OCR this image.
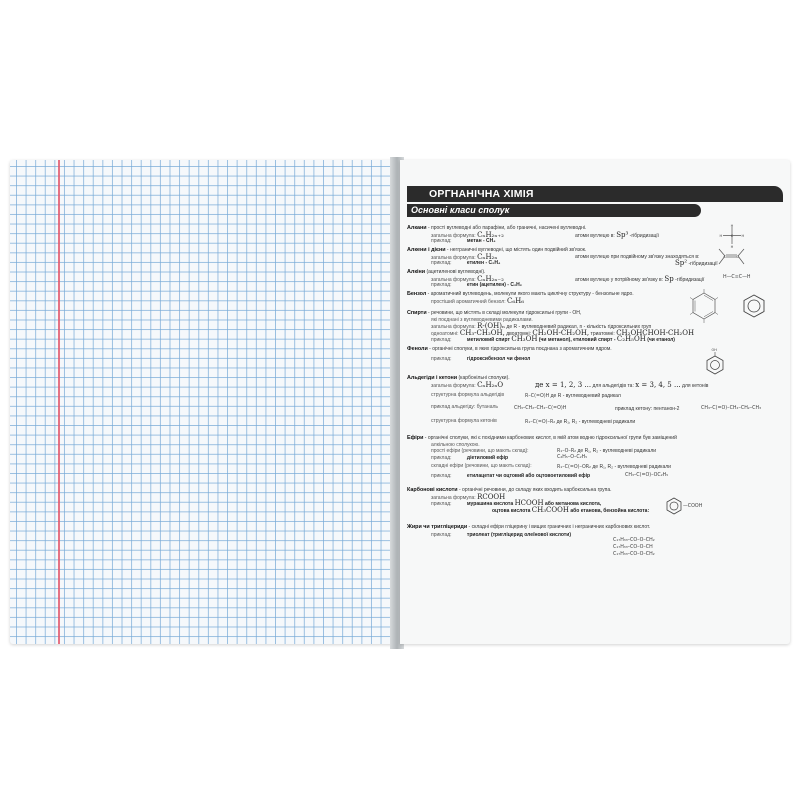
ОРГНАНІЧНА ХІМІЯ
Основні класи сполук
Алкани - прості вуглеводні або парафіни, або граничні, насичені вуглеводні.
загальна формула: CₙH₂ₙ₊₂	атоми вуглецю в: Sp³ -гібридизації
приклад:	метан - CH₄
H
H
H	H
C
Алкени і дієни - негграничні вуглеводні, що містять один подвійний зв'язок.
загальна формула: CₙH₂ₙ	атоми вуглецю при подвійному зв'язку знаходяться в:
приклад:	етилен - C₂H₄	Sp² -гібридизації
C	C
Алкіни (ацетиленові вуглеводні).
загальна формула: CₙH₂ₙ₋₂	атоми вуглецю у потрійному зв'язку в: Sp -гібридизації
приклад:	етин (ацетилен) - C₂H₂
H—C≡C—H
Бензол - ароматичний вуглеводень, молекули якого мають циклічну структуру - бензольне ядро.
простіший ароматичний бензол: C₆H₆
Спирти - речовини, що містять в складі молекули гідроксильні групи - ОН,
які поєднані з вуглеводневими радикалами.
загальна формула: R-(OH)ₙ де R - вуглеводневий радикал, n - кількість гідроксильних груп
одноатомні: CH₃-CH₂OH, двоатомні: CH₂OH-CH₂OH, триатомні: CH₂OHCHOH-CH₂OH
приклад:	метиловий спирт CH₃OH (чи метанол), етиловий спирт - C₂H₅OH (чи етанол)
Феноли - органічні сполуки, в яких гідроксильна група поєднана з ароматичним ядром.
приклад:	гідроксибензол чи фенол
OH
Альдегіди і кетони (карбонільні сполуки).
загальна формула: CₙH₂ₙO	де x = 1, 2, 3 ... для альдегідів та: x = 3, 4, 5 ... для кетонів
структурна формула альдегідів	R–C(=O)H де R - вуглеводневий радикал
приклад альдегіду: бутаналь	CH₃–CH₂–CH₂–C(=O)H	приклад кетону: пентанон-2	CH₃–C(=O)–CH₂–CH₂–CH₃
структурна формула кетонів	R₁–C(=O)–R₂ де R₁, R₂ - вуглеводневі радикали
Ефіри - органічні сполуки, які є похідними карбонових кислот, в якій атом водню гідроксильної групи був заміщений
алкільною сполукою.
прості ефіри (речовини, що мають склад):	R₁–O–R₂ де R₁, R₂ - вуглеводневі радикали
приклад:	діетиловий ефір	C₂H₅–O–C₂H₅
складні ефіри (речовини, що мають склад):	R₁–C(=O)–OR₂ де R₁, R₂ - вуглеводневі радикали
приклад:	етилацетат чи оцтовий або оцтовоетиловий ефір	CH₃–C(=O)–OC₂H₅
Карбонові кислоти - органічні речовини, до складу яких входить карбоксильна група.
загальна формула: RCOOH
приклад:	мурашина кислота HCOOH або метанова кислота,
оцтова кислота CH₃COOH або етанова, бензойна кислота:
—COOH
Жири чи тригліцериди - складні ефіри гліцерину і вищих граничних і неграничних карбонових кислот.
приклад:	триолеат (тригліцерид олеїнової кислоти)
C₁₇H₃₃–CO–O–CH₂
C₁₇H₃₃–CO–O–CH
C₁₇H₃₃–CO–O–CH₂
